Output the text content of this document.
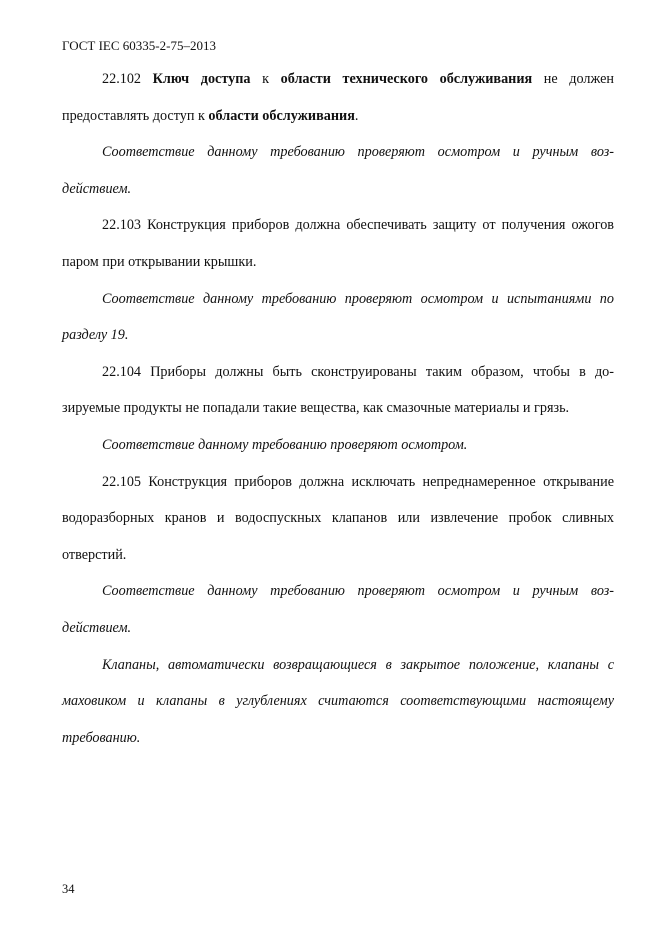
ГОСТ IEC 60335-2-75–2013

22.102 Ключ доступа к области технического обслуживания не должен предоставлять доступ к области обслуживания.

Соответствие данному требованию проверяют осмотром и ручным воздействием.

22.103 Конструкция приборов должна обеспечивать защиту от получения ожогов паром при открывании крышки.

Соответствие данному требованию проверяют осмотром и испытаниями по разделу 19.

22.104 Приборы должны быть сконструированы таким образом, чтобы в дозируемые продукты не попадали такие вещества, как смазочные материалы и грязь.

Соответствие данному требованию проверяют осмотром.

22.105 Конструкция приборов должна исключать непреднамеренное открывание водоразборных кранов и водоспускных клапанов или извлечение пробок сливных отверстий.

Соответствие данному требованию проверяют осмотром и ручным воздействием.

Клапаны, автоматически возвращающиеся в закрытое положение, клапаны с маховиком и клапаны в углублениях считаются соответствующими настоящему требованию.

34
